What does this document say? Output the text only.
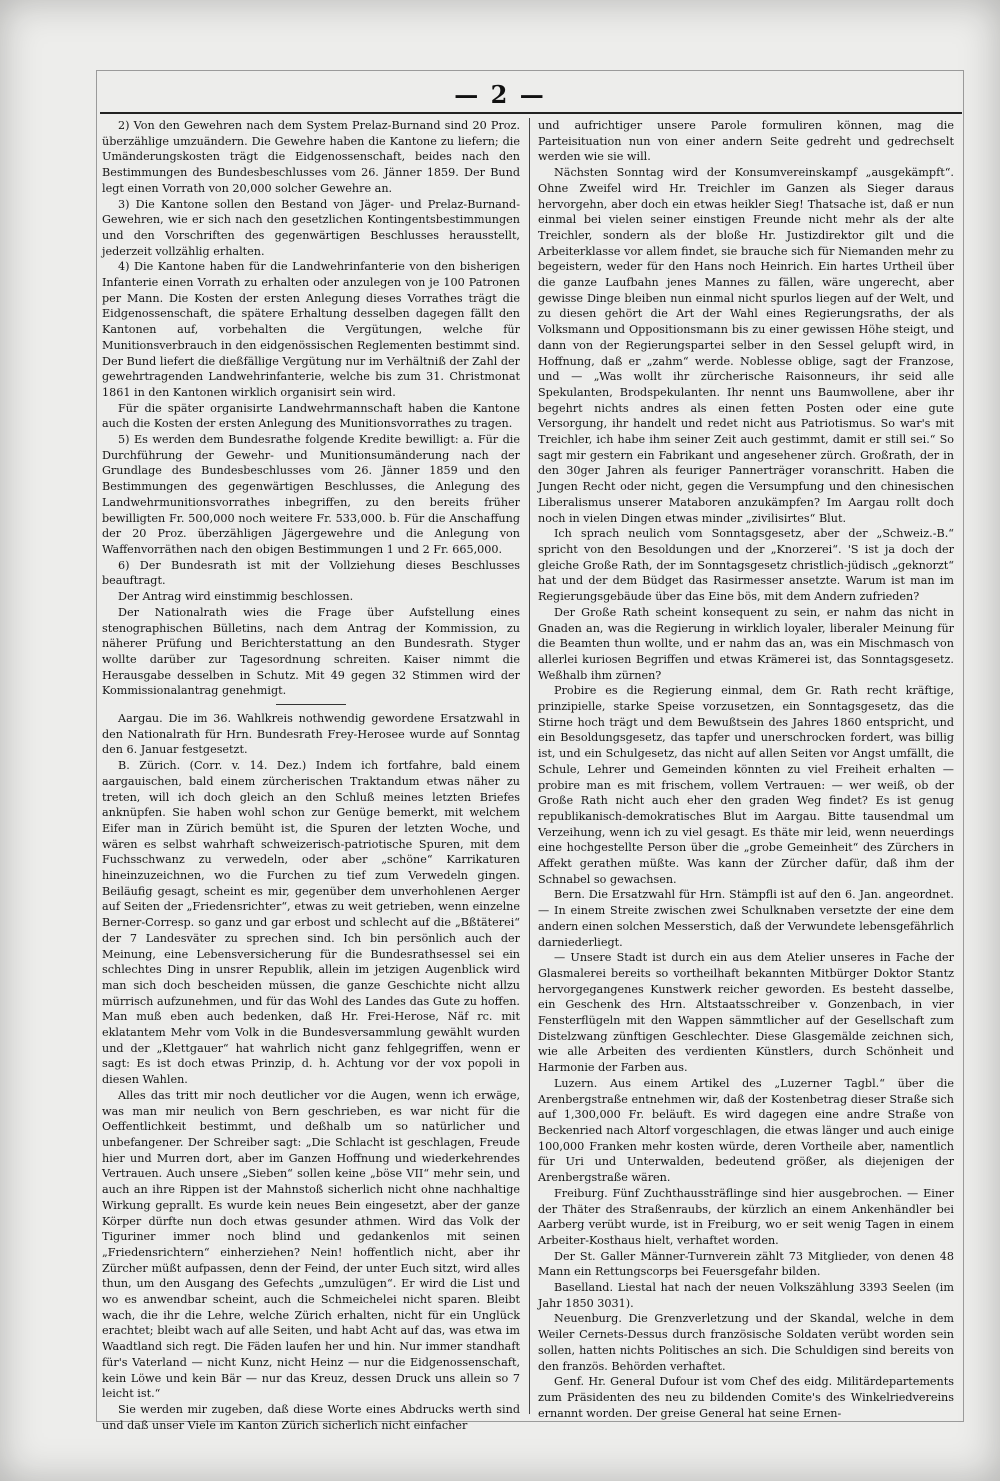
— 2 —

2) Von den Gewehren nach dem System Prelaz-Burnand sind 20 Proz. überzählige umzuändern. Die Gewehre haben die Kantone zu liefern; die Umänderungskosten trägt die Eidgenossenschaft, beides nach den Bestimmungen des Bundesbeschlusses vom 26. Jänner 1859. Der Bund legt einen Vorrath von 20,000 solcher Gewehre an.

3) Die Kantone sollen den Bestand von Jäger- und Prelaz-Burnand-Gewehren, wie er sich nach den gesetzlichen Kontingentsbestimmungen und den Vorschriften des gegenwärtigen Beschlusses herausstellt, jederzeit vollzählig erhalten.

4) Die Kantone haben für die Landwehrinfanterie von den bisherigen Infanterie einen Vorrath zu erhalten oder anzulegen von je 100 Patronen per Mann. Die Kosten der ersten Anlegung dieses Vorrathes trägt die Eidgenossenschaft, die spätere Erhaltung desselben dagegen fällt den Kantonen auf, vorbehalten die Vergütungen, welche für Munitionsverbrauch in den eidgenössischen Reglementen bestimmt sind. Der Bund liefert die dießfällige Vergütung nur im Verhältniß der Zahl der gewehrtragenden Landwehrinfanterie, welche bis zum 31. Christmonat 1861 in den Kantonen wirklich organisirt sein wird.

Für die später organisirte Landwehrmannschaft haben die Kantone auch die Kosten der ersten Anlegung des Munitionsvorrathes zu tragen.

5) Es werden dem Bundesrathe folgende Kredite bewilligt: a. Für die Durchführung der Gewehr- und Munitionsumänderung nach der Grundlage des Bundesbeschlusses vom 26. Jänner 1859 und den Bestimmungen des gegenwärtigen Beschlusses, die Anlegung des Landwehrmunitionsvorrathes inbegriffen, zu den bereits früher bewilligten Fr. 500,000 noch weitere Fr. 533,000. b. Für die Anschaffung der 20 Proz. überzähligen Jägergewehre und die Anlegung von Waffenvorräthen nach den obigen Bestimmungen 1 und 2 Fr. 665,000.

6) Der Bundesrath ist mit der Vollziehung dieses Beschlusses beauftragt.

Der Antrag wird einstimmig beschlossen.

Der Nationalrath wies die Frage über Aufstellung eines stenographischen Bülletins, nach dem Antrag der Kommission, zu näherer Prüfung und Berichterstattung an den Bundesrath. Styger wollte darüber zur Tagesordnung schreiten. Kaiser nimmt die Herausgabe desselben in Schutz. Mit 49 gegen 32 Stimmen wird der Kommissionalantrag genehmigt.

Aargau. Die im 36. Wahlkreis nothwendig gewordene Ersatzwahl in den Nationalrath für Hrn. Bundesrath Frey-Herosee wurde auf Sonntag den 6. Januar festgesetzt.

B. Zürich. (Corr. v. 14. Dez.) Indem ich fortfahre, bald einem aargauischen, bald einem zürcherischen Traktandum etwas näher zu treten, will ich doch gleich an den Schluß meines letzten Briefes anknüpfen. Sie haben wohl schon zur Genüge bemerkt, mit welchem Eifer man in Zürich bemüht ist, die Spuren der letzten Woche, und wären es selbst wahrhaft schweizerisch-patriotische Spuren, mit dem Fuchsschwanz zu verwedeln, oder aber „schöne“ Karrikaturen hineinzuzeichnen, wo die Furchen zu tief zum Verwedeln gingen. Beiläufig gesagt, scheint es mir, gegenüber dem unverhohlenen Aerger auf Seiten der „Friedensrichter“, etwas zu weit getrieben, wenn einzelne Berner-Corresp. so ganz und gar erbost und schlecht auf die „Bßtäterei“ der 7 Landesväter zu sprechen sind. Ich bin persönlich auch der Meinung, eine Lebensversicherung für die Bundesrathsessel sei ein schlechtes Ding in unsrer Republik, allein im jetzigen Augenblick wird man sich doch bescheiden müssen, die ganze Geschichte nicht allzu mürrisch aufzunehmen, und für das Wohl des Landes das Gute zu hoffen. Man muß eben auch bedenken, daß Hr. Frei-Herose, Näf rc. mit eklatantem Mehr vom Volk in die Bundesversammlung gewählt wurden und der „Klettgauer“ hat wahrlich nicht ganz fehlgegriffen, wenn er sagt: Es ist doch etwas Prinzip, d. h. Achtung vor der vox popoli in diesen Wahlen.

Alles das tritt mir noch deutlicher vor die Augen, wenn ich erwäge, was man mir neulich von Bern geschrieben, es war nicht für die Oeffentlichkeit bestimmt, und deßhalb um so natürlicher und unbefangener. Der Schreiber sagt: „Die Schlacht ist geschlagen, Freude hier und Murren dort, aber im Ganzen Hoffnung und wiederkehrendes Vertrauen. Auch unsere „Sieben“ sollen keine „böse VII“ mehr sein, und auch an ihre Rippen ist der Mahnstoß sicherlich nicht ohne nachhaltige Wirkung geprallt. Es wurde kein neues Bein eingesetzt, aber der ganze Körper dürfte nun doch etwas gesunder athmen. Wird das Volk der Tiguriner immer noch blind und gedankenlos mit seinen „Friedensrichtern“ einherziehen? Nein! hoffentlich nicht, aber ihr Zürcher müßt aufpassen, denn der Feind, der unter Euch sitzt, wird alles thun, um den Ausgang des Gefechts „umzulügen“. Er wird die List und wo es anwendbar scheint, auch die Schmeichelei nicht sparen. Bleibt wach, die ihr die Lehre, welche Zürich erhalten, nicht für ein Unglück erachtet; bleibt wach auf alle Seiten, und habt Acht auf das, was etwa im Waadtland sich regt. Die Fäden laufen her und hin. Nur immer standhaft für's Vaterland — nicht Kunz, nicht Heinz — nur die Eidgenossenschaft, kein Löwe und kein Bär — nur das Kreuz, dessen Druck uns allein so 7 leicht ist.“

Sie werden mir zugeben, daß diese Worte eines Abdrucks werth sind und daß unser Viele im Kanton Zürich sicherlich nicht einfacher

und aufrichtiger unsere Parole formuliren können, mag die Parteisituation nun von einer andern Seite gedreht und gedrechselt werden wie sie will.

Nächsten Sonntag wird der Konsumvereinskampf „ausgekämpft“. Ohne Zweifel wird Hr. Treichler im Ganzen als Sieger daraus hervorgehn, aber doch ein etwas heikler Sieg! Thatsache ist, daß er nun einmal bei vielen seiner einstigen Freunde nicht mehr als der alte Treichler, sondern als der bloße Hr. Justizdirektor gilt und die Arbeiterklasse vor allem findet, sie brauche sich für Niemanden mehr zu begeistern, weder für den Hans noch Heinrich. Ein hartes Urtheil über die ganze Laufbahn jenes Mannes zu fällen, wäre ungerecht, aber gewisse Dinge bleiben nun einmal nicht spurlos liegen auf der Welt, und zu diesen gehört die Art der Wahl eines Regierungsraths, der als Volksmann und Oppositionsmann bis zu einer gewissen Höhe steigt, und dann von der Regierungspartei selber in den Sessel gelupft wird, in Hoffnung, daß er „zahm“ werde. Noblesse oblige, sagt der Franzose, und — „Was wollt ihr zürcherische Raisonneurs, ihr seid alle Spekulanten, Brodspekulanten. Ihr nennt uns Baumwollene, aber ihr begehrt nichts andres als einen fetten Posten oder eine gute Versorgung, ihr handelt und redet nicht aus Patriotismus. So war's mit Treichler, ich habe ihm seiner Zeit auch gestimmt, damit er still sei.“ So sagt mir gestern ein Fabrikant und angesehener zürch. Großrath, der in den 30ger Jahren als feuriger Pannerträger voranschritt. Haben die Jungen Recht oder nicht, gegen die Versumpfung und den chinesischen Liberalismus unserer Mataboren anzukämpfen? Im Aargau rollt doch noch in vielen Dingen etwas minder „zivilisirtes“ Blut.

Ich sprach neulich vom Sonntagsgesetz, aber der „Schweiz.-B.“ spricht von den Besoldungen und der „Knorzerei“. 'S ist ja doch der gleiche Große Rath, der im Sonntagsgesetz christlich-jüdisch „geknorzt“ hat und der dem Büdget das Rasirmesser ansetzte. Warum ist man im Regierungsgebäude über das Eine bös, mit dem Andern zufrieden?

Der Große Rath scheint konsequent zu sein, er nahm das nicht in Gnaden an, was die Regierung in wirklich loyaler, liberaler Meinung für die Beamten thun wollte, und er nahm das an, was ein Mischmasch von allerlei kuriosen Begriffen und etwas Krämerei ist, das Sonntagsgesetz. Weßhalb ihm zürnen?

Probire es die Regierung einmal, dem Gr. Rath recht kräftige, prinzipielle, starke Speise vorzusetzen, ein Sonntagsgesetz, das die Stirne hoch trägt und dem Bewußtsein des Jahres 1860 entspricht, und ein Besoldungsgesetz, das tapfer und unerschrocken fordert, was billig ist, und ein Schulgesetz, das nicht auf allen Seiten vor Angst umfällt, die Schule, Lehrer und Gemeinden könnten zu viel Freiheit erhalten — probire man es mit frischem, vollem Vertrauen: — wer weiß, ob der Große Rath nicht auch eher den graden Weg findet? Es ist genug republikanisch-demokratisches Blut im Aargau. Bitte tausendmal um Verzeihung, wenn ich zu viel gesagt. Es thäte mir leid, wenn neuerdings eine hochgestellte Person über die „grobe Gemeinheit“ des Zürchers in Affekt gerathen müßte. Was kann der Zürcher dafür, daß ihm der Schnabel so gewachsen.

Bern. Die Ersatzwahl für Hrn. Stämpfli ist auf den 6. Jan. angeordnet. — In einem Streite zwischen zwei Schulknaben versetzte der eine dem andern einen solchen Messerstich, daß der Verwundete lebensgefährlich darniederliegt.

— Unsere Stadt ist durch ein aus dem Atelier unseres in Fache der Glasmalerei bereits so vortheilhaft bekannten Mitbürger Doktor Stantz hervorgegangenes Kunstwerk reicher geworden. Es besteht dasselbe, ein Geschenk des Hrn. Altstaatsschreiber v. Gonzenbach, in vier Fensterflügeln mit den Wappen sämmtlicher auf der Gesellschaft zum Distelzwang zünftigen Geschlechter. Diese Glasgemälde zeichnen sich, wie alle Arbeiten des verdienten Künstlers, durch Schönheit und Harmonie der Farben aus.

Luzern. Aus einem Artikel des „Luzerner Tagbl.“ über die Arenbergstraße entnehmen wir, daß der Kostenbetrag dieser Straße sich auf 1,300,000 Fr. beläuft. Es wird dagegen eine andre Straße von Beckenried nach Altorf vorgeschlagen, die etwas länger und auch einige 100,000 Franken mehr kosten würde, deren Vortheile aber, namentlich für Uri und Unterwalden, bedeutend größer, als diejenigen der Arenbergstraße wären.

Freiburg. Fünf Zuchthaussträflinge sind hier ausgebrochen. — Einer der Thäter des Straßenraubs, der kürzlich an einem Ankenhändler bei Aarberg verübt wurde, ist in Freiburg, wo er seit wenig Tagen in einem Arbeiter-Kosthaus hielt, verhaftet worden.

Der St. Galler Männer-Turnverein zählt 73 Mitglieder, von denen 48 Mann ein Rettungscorps bei Feuersgefahr bilden.

Baselland. Liestal hat nach der neuen Volkszählung 3393 Seelen (im Jahr 1850 3031).

Neuenburg. Die Grenzverletzung und der Skandal, welche in dem Weiler Cernets-Dessus durch französische Soldaten verübt worden sein sollen, hatten nichts Politisches an sich. Die Schuldigen sind bereits von den französ. Behörden verhaftet.

Genf. Hr. General Dufour ist vom Chef des eidg. Militärdepartements zum Präsidenten des neu zu bildenden Comite's des Winkelriedvereins ernannt worden. Der greise General hat seine Ernen-
